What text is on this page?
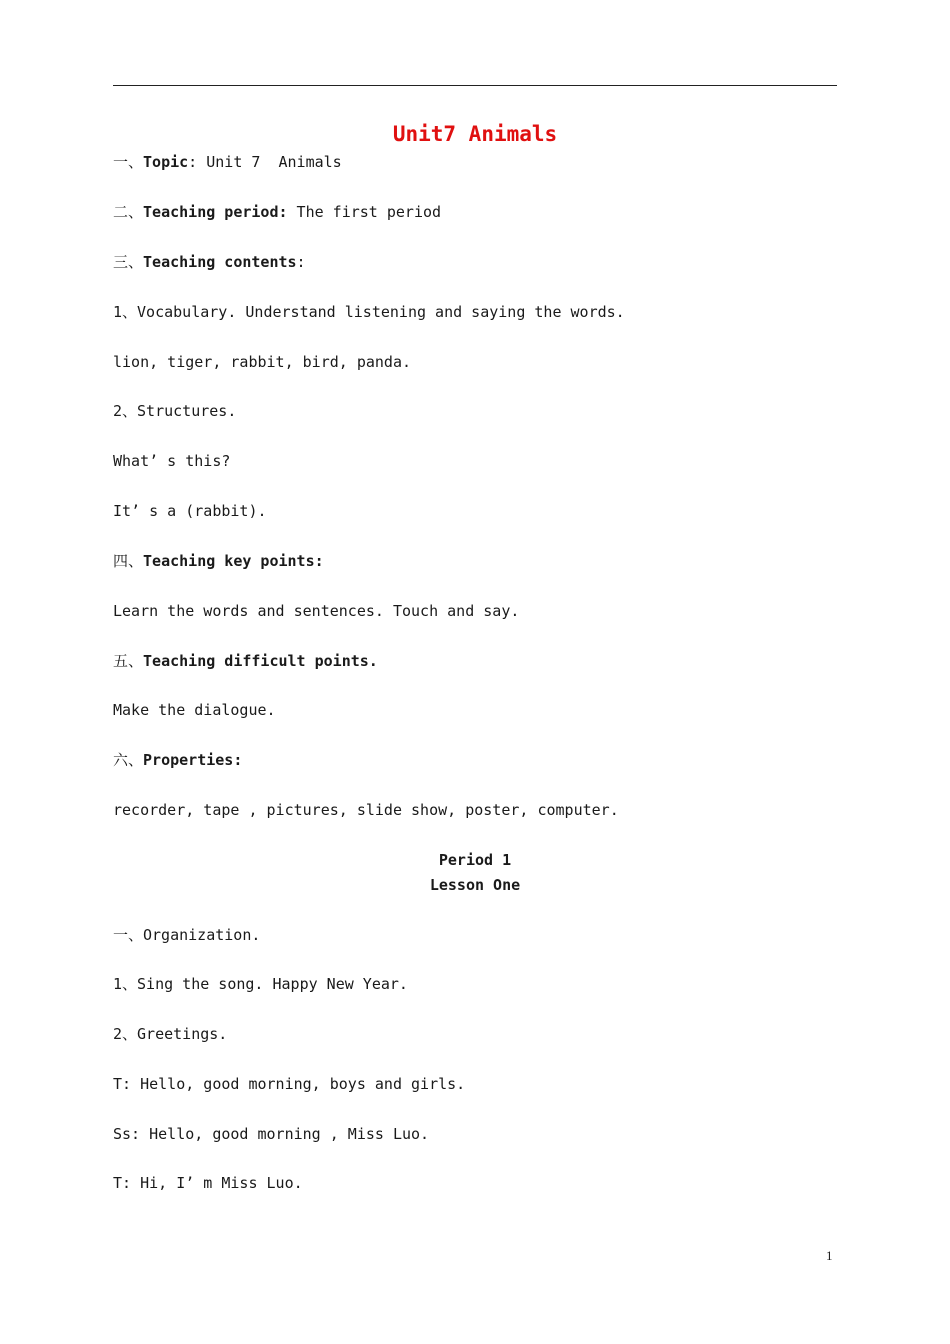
Unit7 Animals
一、Topic: Unit 7  Animals
二、Teaching period: The first period
三、Teaching contents:
1、Vocabulary. Understand listening and saying the words.
lion, tiger, rabbit, bird, panda.
2、Structures.
What’ s this?
It’ s a (rabbit).
四、Teaching key points:
Learn the words and sentences. Touch and say.
五、Teaching difficult points.
Make the dialogue.
六、Properties:
recorder, tape , pictures, slide show, poster, computer.
Period 1
Lesson One
一、Organization.
1、Sing the song. Happy New Year.
2、Greetings.
T: Hello, good morning, boys and girls.
Ss: Hello, good morning , Miss Luo.
T: Hi, I’ m Miss Luo.
1
